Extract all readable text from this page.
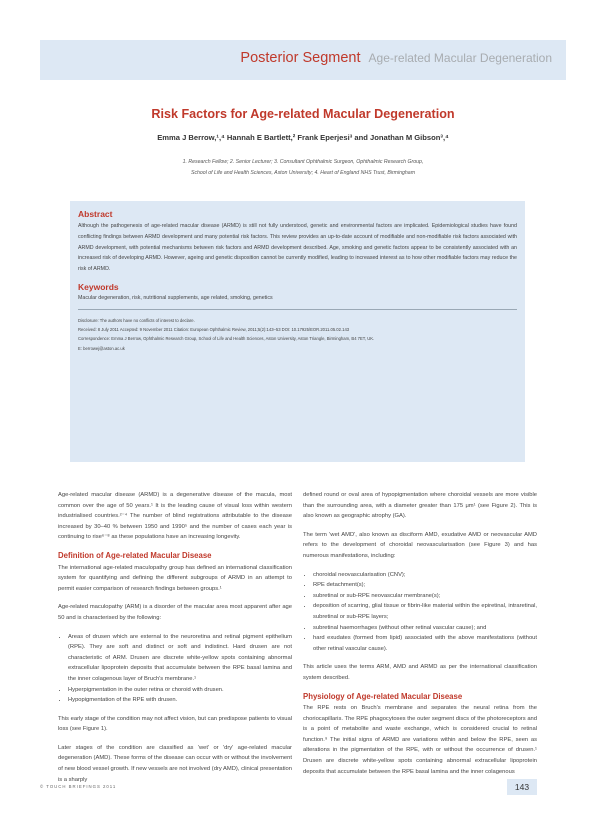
Posterior Segment Age-related Macular Degeneration
Risk Factors for Age-related Macular Degeneration
Emma J Berrow,¹,⁴ Hannah E Bartlett,² Frank Eperjesi³ and Jonathan M Gibson³,⁴
1. Research Fellow; 2. Senior Lecturer; 3. Consultant Ophthalmic Surgeon, Ophthalmic Research Group,
School of Life and Health Sciences, Aston University; 4. Heart of England NHS Trust, Birmingham
Abstract

Although the pathogenesis of age-related macular disease (ARMD) is still not fully understood, genetic and environmental factors are implicated. Epidemiological studies have found conflicting findings between ARMD development and many potential risk factors. This review provides an up-to-date account of modifiable and non-modifiable risk factors associated with ARMD development, with potential mechanisms between risk factors and ARMD development described. Age, smoking and genetic factors appear to be consistently associated with an increased risk of developing ARMD. However, ageing and genetic disposition cannot be currently modified, leading to increased interest as to how other modifiable factors may reduce the risk of ARMD.

Keywords
Macular degeneration, risk, nutritional supplements, age related, smoking, genetics
Disclosure: The authors have no conflicts of interest to declare.
Received: 8 July 2011 Accepted: 9 November 2011 Citation: European Ophthalmic Review, 2011;5(2):143–53 DOI: 10.17925/EOR.2011.05.02.143
Correspondence: Emma J Berrow, Ophthalmic Research Group, School of Life and Health Sciences, Aston University, Aston Triangle, Birmingham, B4 7ET, UK.
E: berrowej@aston.ac.uk

Age-related macular disease (ARMD) is a degenerative disease of the macula, most common over the age of 50 years.¹ It is the leading cause of visual loss within western industrialised countries.²⁻⁴ The number of blind registrations attributable to the disease increased by 30–40 % between 1950 and 1990⁵ and the number of cases each year is continuing to rise⁶⁻⁸ as these populations have an increasing longevity.

Definition of Age-related Macular Disease

The international age-related maculopathy group has defined an international classification system for quantifying and defining the different subgroups of ARMD in an attempt to permit easier comparison of research findings between groups.¹

Age-related maculopathy (ARM) is a disorder of the macular area most apparent after age 50 and is characterised by the following:

• Areas of drusen which are external to the neuroretina and retinal pigment epithelium (RPE). They are soft and distinct or soft and indistinct. Hard drusen are not characteristic of ARM. Drusen are discrete white-yellow spots containing abnormal extracellular lipoprotein deposits that accumulate between the RPE basal lamina and the inner colagenous layer of Bruch's membrane.¹
• Hyperpigmentation in the outer retina or choroid with drusen.
• Hypopigmentation of the RPE with drusen.

This early stage of the condition may not affect vision, but can predispose patients to visual loss (see Figure 1).

Later stages of the condition are classified as 'wet' or 'dry' age-related macular degeneration (AMD). These forms of the disease can occur with or without the involvement of new blood vessel growth. If new vessels are not involved (dry AMD), clinical presentation is a sharply

defined round or oval area of hypopigmentation where choroidal vessels are more visible than the surrounding area, with a diameter greater than 175 μm¹ (see Figure 2). This is also known as geographic atrophy (GA).

The term 'wet AMD', also known as disciform AMD, exudative AMD or neovascular AMD refers to the development of choroidal neovascularisation (see Figure 3) and has numerous manifestations, including:

• choroidal neovascularisation (CNV);
• RPE detachment(s);
• subretinal or sub-RPE neovascular membrane(s);
• deposition of scarring, glial tissue or fibrin-like material within the epiretinal, intraretinal, subretinal or sub-RPE layers;
• subretinal haemorrhages (without other retinal vascular cause); and
• hard exudates (formed from lipid) associated with the above manifestations (without other retinal vascular cause).

This article uses the terms ARM, AMD and ARMD as per the international classification system described.

Physiology of Age-related Macular Disease

The RPE rests on Bruch's membrane and separates the neural retina from the choriocapillaris. The RPE phagocytoses the outer segment discs of the photoreceptors and is a point of metabolite and waste exchange, which is considered crucial to retinal function.⁹ The initial signs of ARMD are variations within and below the RPE, seen as alterations in the pigmentation of the RPE, with or without the occurrence of drusen.¹ Drusen are discrete white-yellow spots containing abnormal extracellular lipoprotein deposits that accumulate between the RPE basal lamina and the inner colagenous

© TOUCH BRIEFINGS 2011	143
